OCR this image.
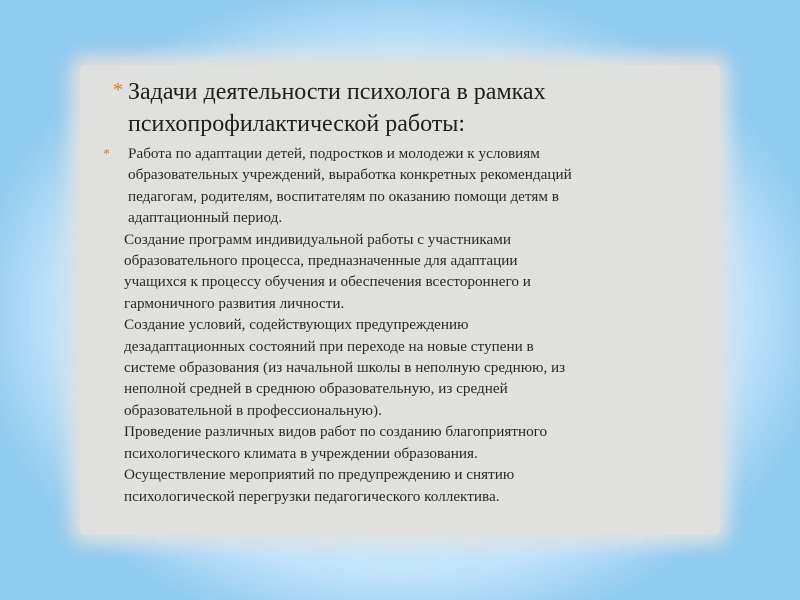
* Задачи деятельности психолога в рамках
психопрофилактической работы:
* Работа по адаптации детей, подростков и молодежи к условиям
образовательных учреждений, выработка конкретных рекомендаций
педагогам, родителям, воспитателям по оказанию помощи детям в
адаптационный период.
Создание программ индивидуальной работы с участниками
образовательного процесса, предназначенные для адаптации
учащихся к процессу обучения и обеспечения всестороннего и
гармоничного развития личности.
Создание условий, содействующих предупреждению
дезадаптационных состояний при переходе на новые ступени в
системе образования (из начальной школы в неполную среднюю, из
неполной средней в среднюю образовательную, из средней
образовательной в профессиональную).
Проведение различных видов работ по созданию благоприятного
психологического климата в учреждении образования.
Осуществление мероприятий по предупреждению и снятию
психологической перегрузки педагогического коллектива.
